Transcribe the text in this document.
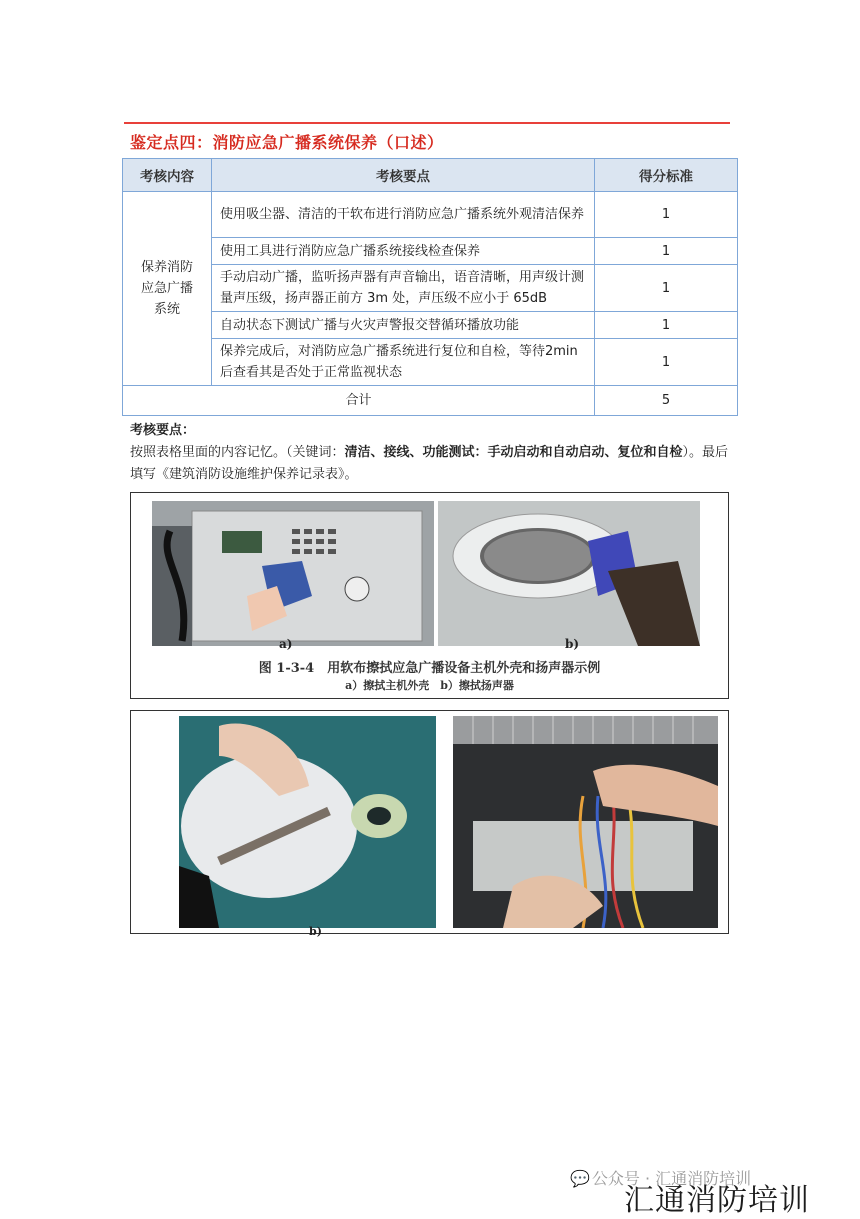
鉴定点四：消防应急广播系统保养（口述）
考核内容	考核要点	得分标准
保养消防应急广播系统	使用吸尘器、清洁的干软布进行消防应急广播系统外观清洁保养	1
	使用工具进行消防应急广播系统接线检查保养	1
	手动启动广播，监听扬声器有声音输出，语音清晰，用声级计测量声压级，扬声器正前方 3m 处，声压级不应小于 65dB	1
	自动状态下测试广播与火灾声警报交替循环播放功能	1
	保养完成后，对消防应急广播系统进行复位和自检，等待2min 后查看其是否处于正常监视状态	1
合计		5
考核要点：
按照表格里面的内容记忆。（关键词：清洁、接线、功能测试：手动启动和自动启动、复位和自检）。最后填写《建筑消防设施维护保养记录表》。
a)	b)
图 1-3-4　用软布擦拭应急广播设备主机外壳和扬声器示例
a）擦拭主机外壳　b）擦拭扬声器
b)
💬 公众号 · 汇通消防培训
汇通消防培训
